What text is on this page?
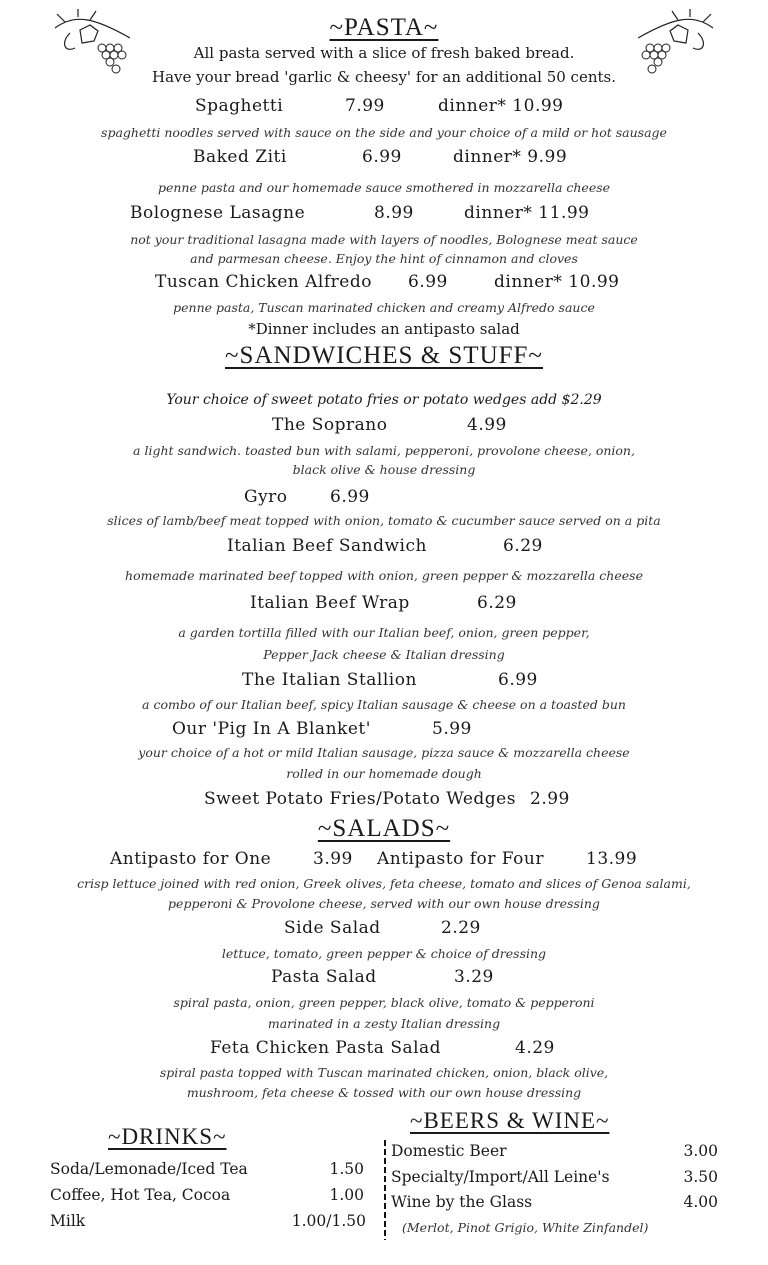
~PASTA~
All pasta served with a slice of fresh baked bread.
Have your bread 'garlic & cheesy' for an additional 50 cents.
Spaghetti	7.99	dinner* 10.99
spaghetti noodles served with sauce on the side and your choice of a mild or hot sausage
Baked Ziti	6.99	dinner* 9.99
penne pasta and our homemade sauce smothered in mozzarella cheese
Bolognese Lasagne	8.99	dinner* 11.99
not your traditional lasagna made with layers of noodles, Bolognese meat sauce
and parmesan cheese. Enjoy the hint of cinnamon and cloves
Tuscan Chicken Alfredo 6.99	dinner* 10.99
penne pasta, Tuscan marinated chicken and creamy Alfredo sauce
*Dinner includes an antipasto salad
~SANDWICHES & STUFF~
Your choice of sweet potato fries or potato wedges add $2.29
The Soprano	4.99
a light sandwich. toasted bun with salami, pepperoni, provolone cheese, onion,
black olive & house dressing
Gyro 6.99
slices of lamb/beef meat topped with onion, tomato & cucumber sauce served on a pita
Italian Beef Sandwich	6.29
homemade marinated beef topped with onion, green pepper & mozzarella cheese
Italian Beef Wrap	6.29
a garden tortilla filled with our Italian beef, onion, green pepper,
Pepper Jack cheese & Italian dressing
The Italian Stallion	6.99
a combo of our Italian beef, spicy Italian sausage & cheese on a toasted bun
Our 'Pig In A Blanket'	5.99
your choice of a hot or mild Italian sausage, pizza sauce & mozzarella cheese
rolled in our homemade dough
Sweet Potato Fries/Potato Wedges 2.99
~SALADS~
Antipasto for One 3.99 Antipasto for Four 13.99
crisp lettuce joined with red onion, Greek olives, feta cheese, tomato and slices of Genoa salami,
pepperoni & Provolone cheese, served with our own house dressing
Side Salad	2.29
lettuce, tomato, green pepper & choice of dressing
Pasta Salad	3.29
spiral pasta, onion, green pepper, black olive, tomato & pepperoni
marinated in a zesty Italian dressing
Feta Chicken Pasta Salad	4.29
spiral pasta topped with Tuscan marinated chicken, onion, black olive,
mushroom, feta cheese & tossed with our own house dressing
~DRINKS~
Soda/Lemonade/Iced Tea	1.50
Coffee, Hot Tea, Cocoa	1.00
Milk	1.00/1.50
~BEERS & WINE~
Domestic Beer	3.00
Specialty/Import/All Leine's	3.50
Wine by the Glass	4.00
(Merlot, Pinot Grigio, White Zinfandel)
